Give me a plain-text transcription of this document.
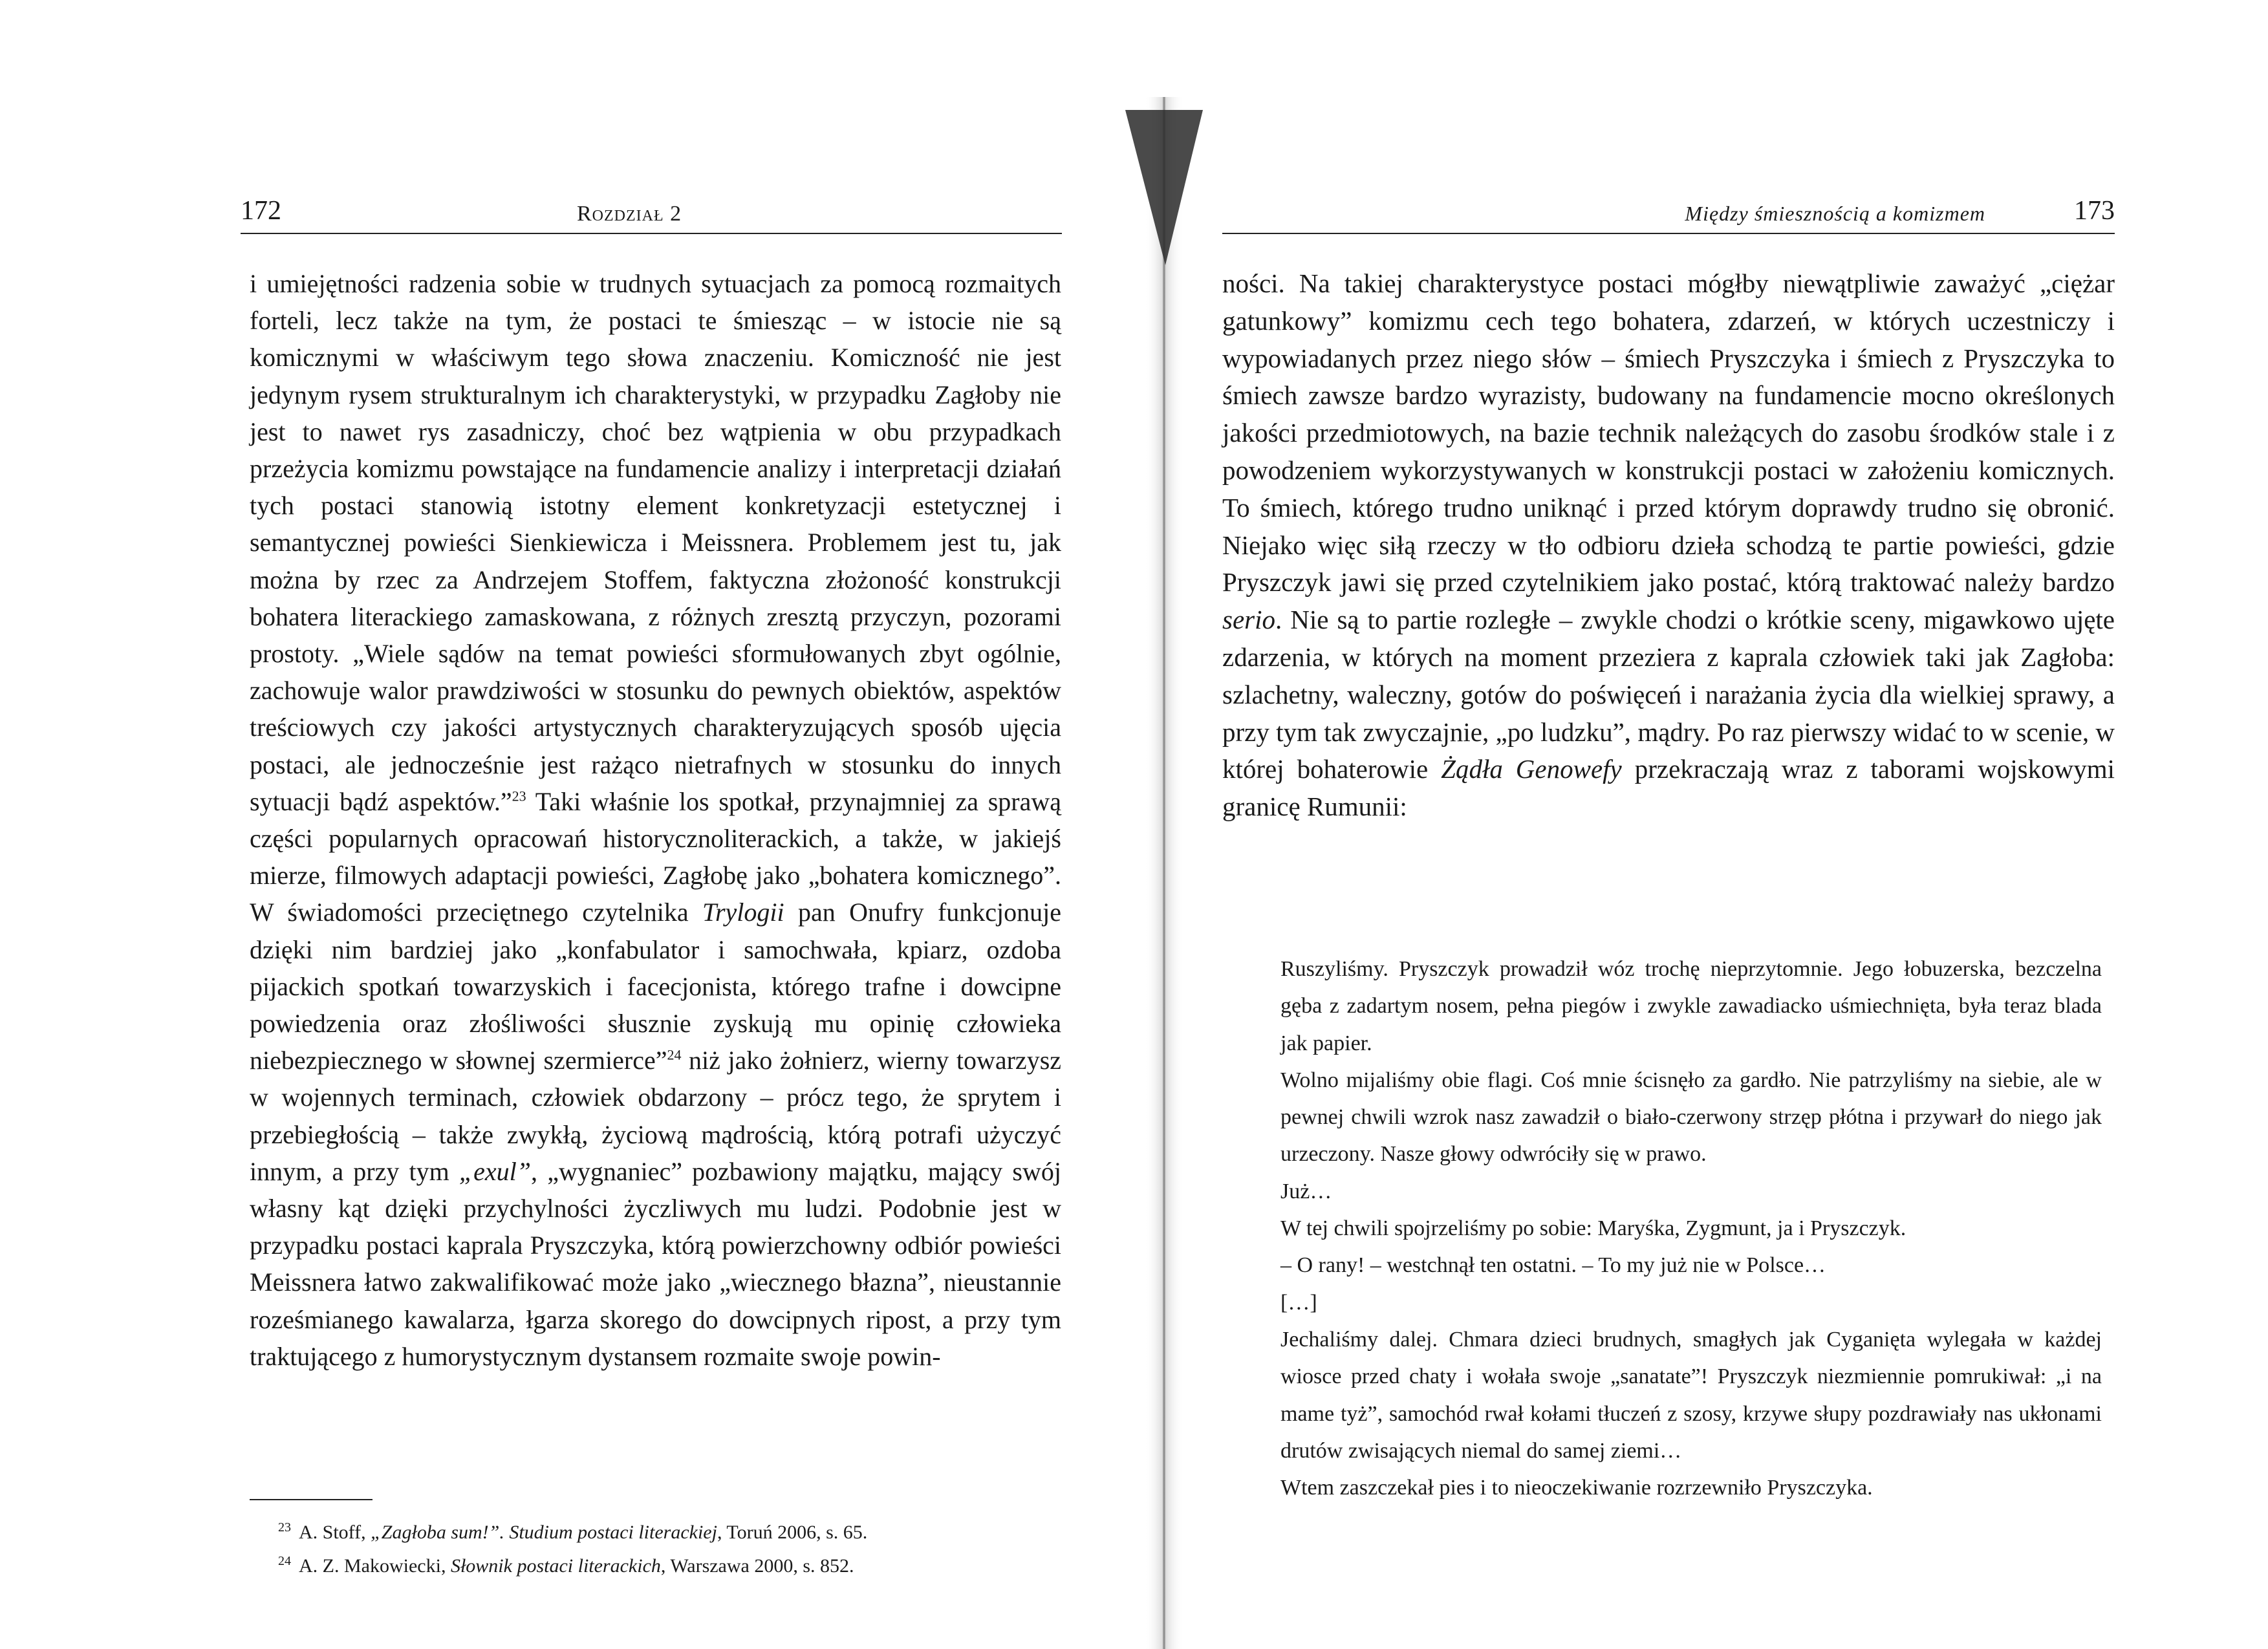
172	Rozdział 2

i umiejętności radzenia sobie w trudnych sytuacjach za pomocą rozmaitych forteli, lecz także na tym, że postaci te śmiesząc – w istocie nie są komicznymi w właściwym tego słowa znaczeniu. Komiczność nie jest jedynym rysem strukturalnym ich charakterystyki, w przypadku Zagłoby nie jest to nawet rys zasadniczy, choć bez wątpienia w obu przypadkach przeżycia komizmu powstające na fundamencie analizy i interpretacji działań tych postaci stanowią istotny element konkretyzacji estetycznej i semantycznej powieści Sienkiewicza i Meissnera. Problemem jest tu, jak można by rzec za Andrzejem Stoffem, faktyczna złożoność konstrukcji bohatera literackiego zamaskowana, z różnych zresztą przyczyn, pozorami prostoty. „Wiele sądów na temat powieści sformułowanych zbyt ogólnie, zachowuje walor prawdziwości w stosunku do pewnych obiektów, aspektów treściowych czy jakości artystycznych charakteryzujących sposób ujęcia postaci, ale jednocześnie jest rażąco nietrafnych w stosunku do innych sytuacji bądź aspektów.”$^{23}$ Taki właśnie los spotkał, przynajmniej za sprawą części popularnych opracowań historycznoliterackich, a także, w jakiejś mierze, filmowych adaptacji powieści, Zagłobę jako „bohatera komicznego”. W świadomości przeciętnego czytelnika Trylogii pan Onufry funkcjonuje dzięki nim bardziej jako „konfabulator i samochwała, kpiarz, ozdoba pijackich spotkań towarzyskich i facecjonista, którego trafne i dowcipne powiedzenia oraz złośliwości słusznie zyskują mu opinię człowieka niebezpiecznego w słownej szermierce”$^{24}$ niż jako żołnierz, wierny towarzysz w wojennych terminach, człowiek obdarzony – prócz tego, że sprytem i przebiegłością – także zwykłą, życiową mądrością, którą potrafi użyczyć innym, a przy tym „exul”, „wygnaniec” pozbawiony majątku, mający swój własny kąt dzięki przychylności życzliwych mu ludzi. Podobnie jest w przypadku postaci kaprala Pryszczyka, którą powierzchowny odbiór powieści Meissnera łatwo zakwalifikować może jako „wiecznego błazna”, nieustannie roześmianego kawalarza, łgarza skorego do dowcipnych ripost, a przy tym traktującego z humorystycznym dystansem rozmaite swoje powin-

$^{23}$ A. Stoff, „Zagłoba sum!”. Studium postaci literackiej, Toruń 2006, s. 65.
$^{24}$ A. Z. Makowiecki, Słownik postaci literackich, Warszawa 2000, s. 852.
Między śmiesznością a komizmem	173

ności. Na takiej charakterystyce postaci mógłby niewątpliwie zaważyć „ciężar gatunkowy” komizmu cech tego bohatera, zdarzeń, w których uczestniczy i wypowiadanych przez niego słów – śmiech Pryszczyka i śmiech z Pryszczyka to śmiech zawsze bardzo wyrazisty, budowany na fundamencie mocno określonych jakości przedmiotowych, na bazie technik należących do zasobu środków stale i z powodzeniem wykorzystywanych w konstrukcji postaci w założeniu komicznych. To śmiech, którego trudno uniknąć i przed którym doprawdy trudno się obronić. Niejako więc siłą rzeczy w tło odbioru dzieła schodzą te partie powieści, gdzie Pryszczyk jawi się przed czytelnikiem jako postać, którą traktować należy bardzo serio. Nie są to partie rozległe – zwykle chodzi o krótkie sceny, migawkowo ujęte zdarzenia, w których na moment przeziera z kaprala człowiek taki jak Zagłoba: szlachetny, waleczny, gotów do poświęceń i narażania życia dla wielkiej sprawy, a przy tym tak zwyczajnie, „po ludzku”, mądry. Po raz pierwszy widać to w scenie, w której bohaterowie Żądła Genowefy przekraczają wraz z taborami wojskowymi granicę Rumunii:

Ruszyliśmy. Pryszczyk prowadził wóz trochę nieprzytomnie. Jego łobuzerska, bezczelna gęba z zadartym nosem, pełna piegów i zwykle zawadiacko uśmiechnięta, była teraz blada jak papier.

Wolno mijaliśmy obie flagi. Coś mnie ścisnęło za gardło. Nie patrzyliśmy na siebie, ale w pewnej chwili wzrok nasz zawadził o biało-czerwony strzęp płótna i przywarł do niego jak urzeczony. Nasze głowy odwróciły się w prawo.

Już…

W tej chwili spojrzeliśmy po sobie: Maryśka, Zygmunt, ja i Pryszczyk.

– O rany! – westchnął ten ostatni. – To my już nie w Polsce…

[…]

Jechaliśmy dalej. Chmara dzieci brudnych, smagłych jak Cyganięta wylegała w każdej wiosce przed chaty i wołała swoje „sanatate”! Pryszczyk niezmiennie pomrukiwał: „i na mame tyż”, samochód rwał kołami tłuczeń z szosy, krzywe słupy pozdrawiały nas ukłonami drutów zwisających niemal do samej ziemi…

Wtem zaszczekał pies i to nieoczekiwanie rozrzewniło Pryszczyka.
